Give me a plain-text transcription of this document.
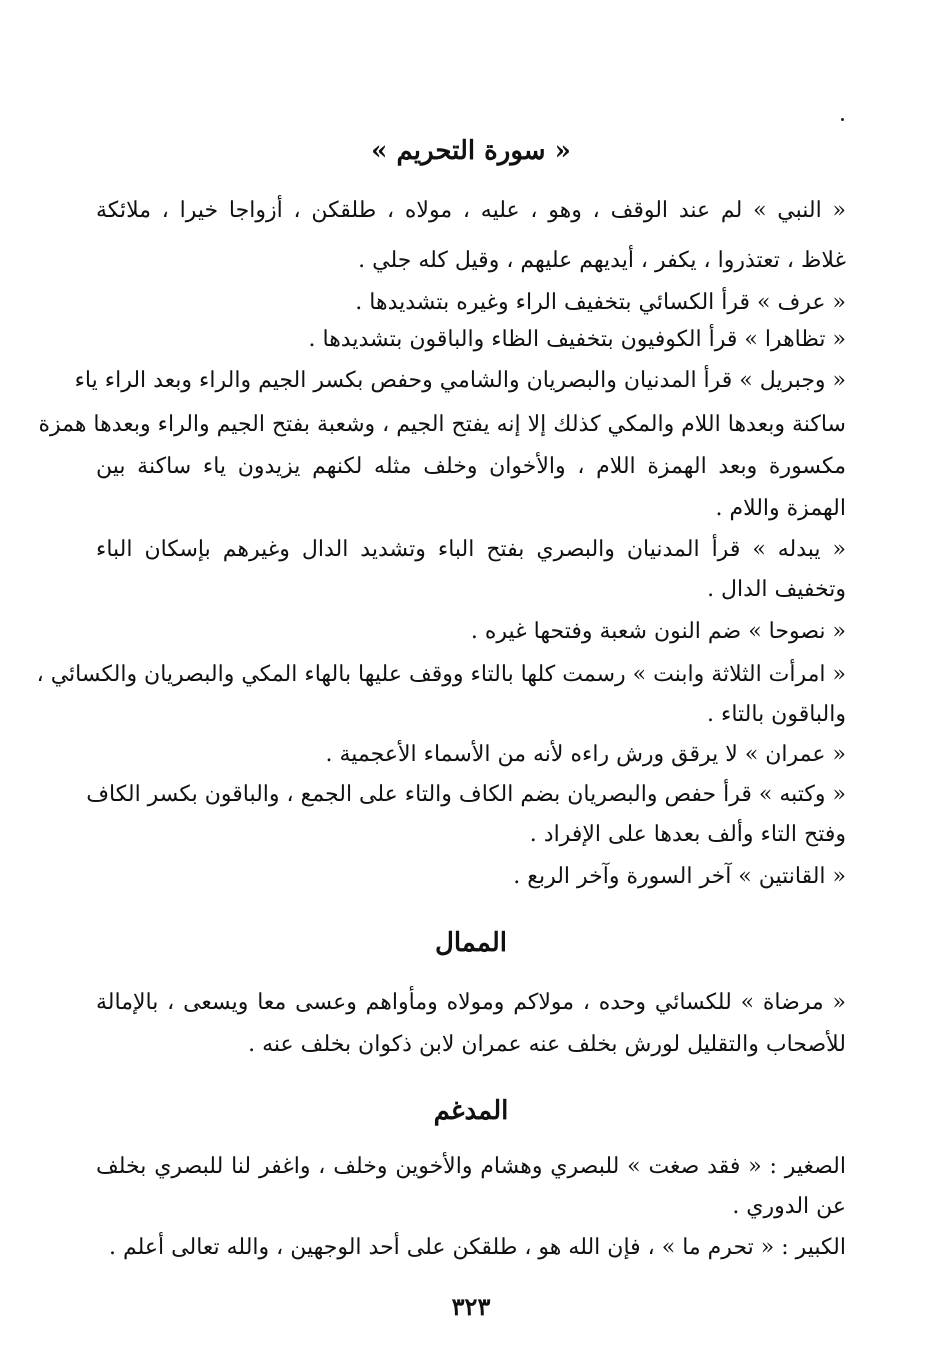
« سورة التحريم »
« النبي » لم عند الوقف ، وهو ، عليه ، مولاه ، طلقكن ، أزواجا خيرا ، ملائكة
غلاظ ، تعتذروا ، يكفر ، أيديهم عليهم ، وقيل كله جلي .
« عرف » قرأ الكسائي بتخفيف الراء وغيره بتشديدها .
« تظاهرا » قرأ الكوفيون بتخفيف الظاء والباقون بتشديدها .
« وجبريل » قرأ المدنيان والبصريان والشامي وحفص بكسر الجيم والراء وبعد الراء ياء
ساكنة وبعدها اللام والمكي كذلك إلا إنه يفتح الجيم ، وشعبة بفتح الجيم والراء وبعدها همزة
مكسورة وبعد الهمزة اللام ، والأخوان وخلف مثله لكنهم يزيدون ياء ساكنة بين
الهمزة واللام .
« يبدله » قرأ المدنيان والبصري بفتح الباء وتشديد الدال وغيرهم بإسكان الباء
وتخفيف الدال .
« نصوحا » ضم النون شعبة وفتحها غيره .
« امرأت الثلاثة وابنت » رسمت كلها بالتاء ووقف عليها بالهاء المكي والبصريان والكسائي ،
والباقون بالتاء .
« عمران » لا يرقق ورش راءه لأنه من الأسماء الأعجمية .
« وكتبه » قرأ حفص والبصريان بضم الكاف والتاء على الجمع ، والباقون بكسر الكاف
وفتح التاء وألف بعدها على الإفراد .
« القانتين » آخر السورة وآخر الربع .
الممال
« مرضاة » للكسائي وحده ، مولاكم ومولاه ومأواهم وعسى معا ويسعى ، بالإمالة
للأصحاب والتقليل لورش بخلف عنه عمران لابن ذكوان بخلف عنه .
المدغم
الصغير : « فقد صغت » للبصري وهشام والأخوين وخلف ، واغفر لنا للبصري بخلف
عن الدوري .
الكبير : « تحرم ما » ، فإن الله هو ، طلقكن على أحد الوجهين ، والله تعالى أعلم .
٣٢٣
